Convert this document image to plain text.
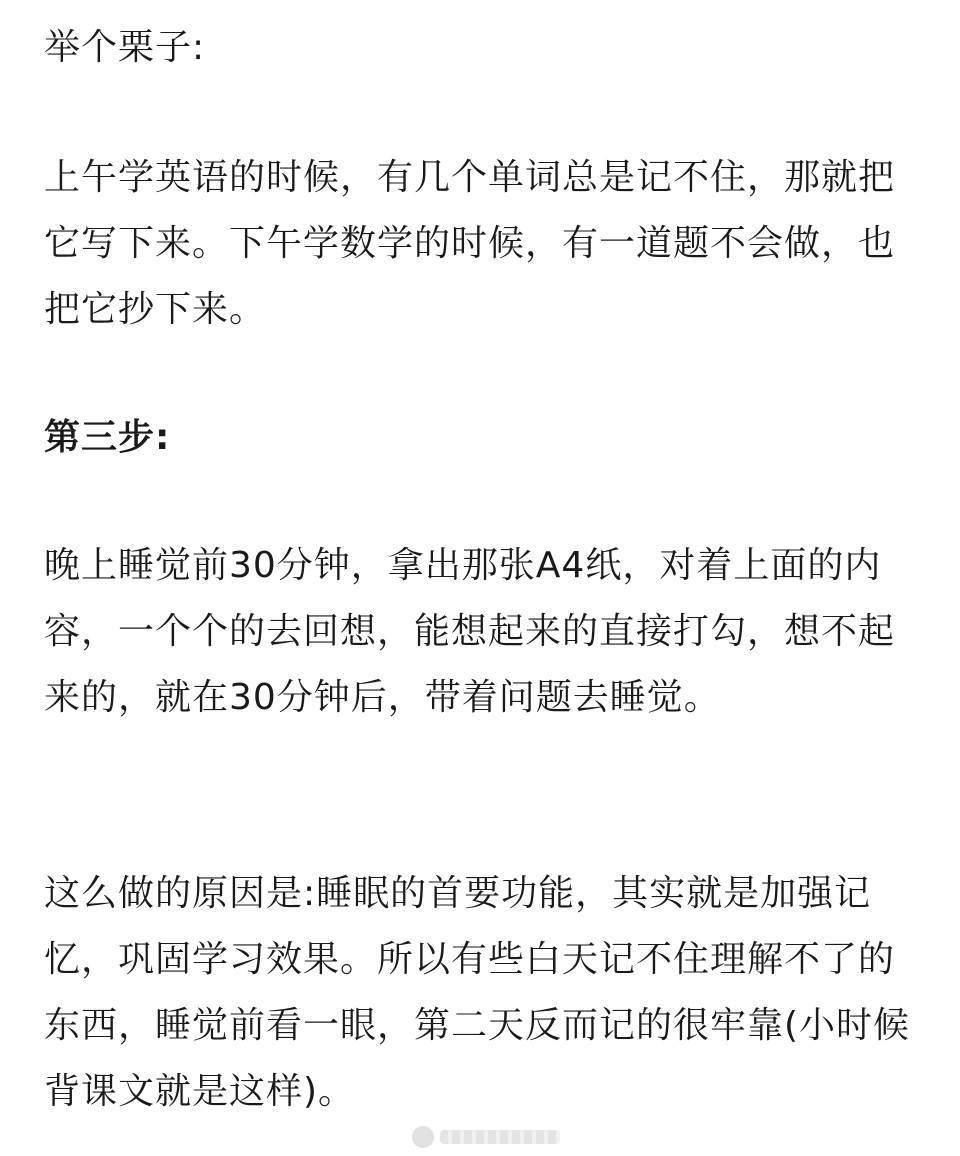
举个栗子:

上午学英语的时候，有几个单词总是记不住，那就把它写下来。下午学数学的时候，有一道题不会做，也把它抄下来。

第三步:

晚上睡觉前30分钟，拿出那张A4纸，对着上面的内容，一个个的去回想，能想起来的直接打勾，想不起来的，就在30分钟后，带着问题去睡觉。

这么做的原因是:睡眠的首要功能，其实就是加强记忆，巩固学习效果。所以有些白天记不住理解不了的东西，睡觉前看一眼，第二天反而记的很牢靠(小时候背课文就是这样)。
